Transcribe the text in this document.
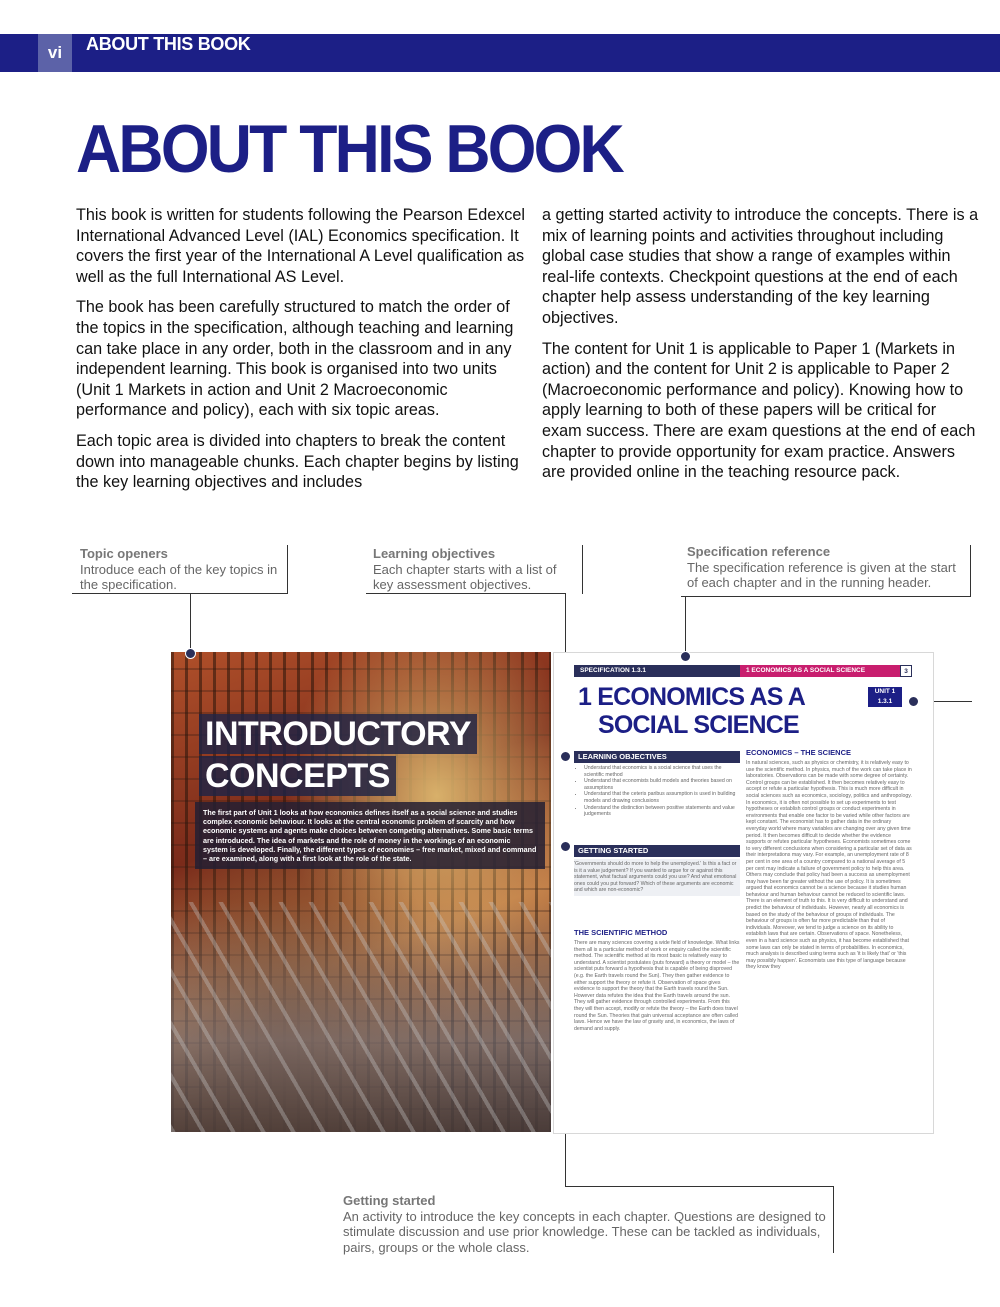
vi	ABOUT THIS BOOK
ABOUT THIS BOOK

This book is written for students following the Pearson Edexcel International Advanced Level (IAL) Economics specification. It covers the first year of the International A Level qualification as well as the full International AS Level.

The book has been carefully structured to match the order of the topics in the specification, although teaching and learning can take place in any order, both in the classroom and in any independent learning. This book is organised into two units (Unit 1 Markets in action and Unit 2 Macroeconomic performance and policy), each with six topic areas.

Each topic area is divided into chapters to break the content down into manageable chunks. Each chapter begins by listing the key learning objectives and includes

a getting started activity to introduce the concepts. There is a mix of learning points and activities throughout including global case studies that show a range of examples within real-life contexts. Checkpoint questions at the end of each chapter help assess understanding of the key learning objectives.

The content for Unit 1 is applicable to Paper 1 (Markets in action) and the content for Unit 2 is applicable to Paper 2 (Macroeconomic performance and policy). Knowing how to apply learning to both of these papers will be critical for exam success. There are exam questions at the end of each chapter to provide opportunity for exam practice. Answers are provided online in the teaching resource pack.

Topic openers
Introduce each of the key topics in the specification.
Learning objectives
Each chapter starts with a list of key assessment objectives.
Specification reference
The specification reference is given at the start of each chapter and in the running header.
Getting started
An activity to introduce the key concepts in each chapter. Questions are designed to stimulate discussion and use prior knowledge. These can be tackled as individuals, pairs, groups or the whole class.
INTRODUCTORY
CONCEPTS
The first part of Unit 1 looks at how economics defines itself as a social science and studies complex economic behaviour. It looks at the central economic problem of scarcity and how economic systems and agents make choices between competing alternatives. Some basic terms are introduced. The idea of markets and the role of money in the workings of an economic system is developed. Finally, the different types of economies – free market, mixed and command – are examined, along with a first look at the role of the state.
SPECIFICATION 1.3.1	1 ECONOMICS AS A SOCIAL SCIENCE	3
1 ECONOMICS AS A
SOCIAL SCIENCE
UNIT 1
1.3.1
LEARNING OBJECTIVES
• Understand that economics is a social science that uses the scientific method
• Understand that economists build models and theories based on assumptions
• Understand that the ceteris paribus assumption is used in building models and drawing conclusions
• Understand the distinction between positive statements and value judgements
GETTING STARTED
'Governments should do more to help the unemployed.' Is this a fact or is it a value judgement? If you wanted to argue for or against this statement, what factual arguments could you use? And what emotional ones could you put forward? Which of these arguments are economic and which are non-economic?
THE SCIENTIFIC METHOD
There are many sciences covering a wide field of knowledge. What links them all is a particular method of work or enquiry called the scientific method. The scientific method at its most basic is relatively easy to understand. A scientist postulates (puts forward) a theory or model – the scientist puts forward a hypothesis that is capable of being disproved (e.g. the Earth travels round the Sun). They then gather evidence to either support the theory or refute it. Observation of space gives evidence to support the theory that the Earth travels round the Sun. However data refutes the idea that the Earth travels around the sun. They will gather evidence through controlled experiments. From this they will then accept, modify or refute the theory – the Earth does travel round the Sun. Theories that gain universal acceptance are often called laws. Hence we have the law of gravity and, in economics, the laws of demand and supply.
ECONOMICS – THE SCIENCE
In natural sciences, such as physics or chemistry, it is relatively easy to use the scientific method. In physics, much of the work can take place in laboratories. Observations can be made with some degree of certainty. Control groups can be established. It then becomes relatively easy to accept or refute a particular hypothesis. This is much more difficult in social sciences such as economics, sociology, politics and anthropology. In economics, it is often not possible to set up experiments to test hypotheses or establish control groups or conduct experiments in environments that enable one factor to be varied while other factors are kept constant. The economist has to gather data in the ordinary everyday world where many variables are changing over any given time period. It then becomes difficult to decide whether the evidence supports or refutes particular hypotheses. Economists sometimes come to very different conclusions when considering a particular set of data as their interpretations may vary. For example, an unemployment rate of 8 per cent in one area of a country compared to a national average of 5 per cent may indicate a failure of government policy to help this area. Others may conclude that policy had been a success as unemployment may have been far greater without the use of policy. It is sometimes argued that economics cannot be a science because it studies human behaviour and human behaviour cannot be reduced to scientific laws. There is an element of truth to this. It is very difficult to understand and predict the behaviour of individuals. However, nearly all economics is based on the study of the behaviour of groups of individuals. The behaviour of groups is often far more predictable than that of individuals. Moreover, we tend to judge a science on its ability to establish laws that are certain. Observations of space. Nonetheless, even in a hard science such as physics, it has become established that some laws can only be stated in terms of probabilities. In economics, much analysis is described using terms such as 'it is likely that' or 'this may possibly happen'. Economists use this type of language because they know they
